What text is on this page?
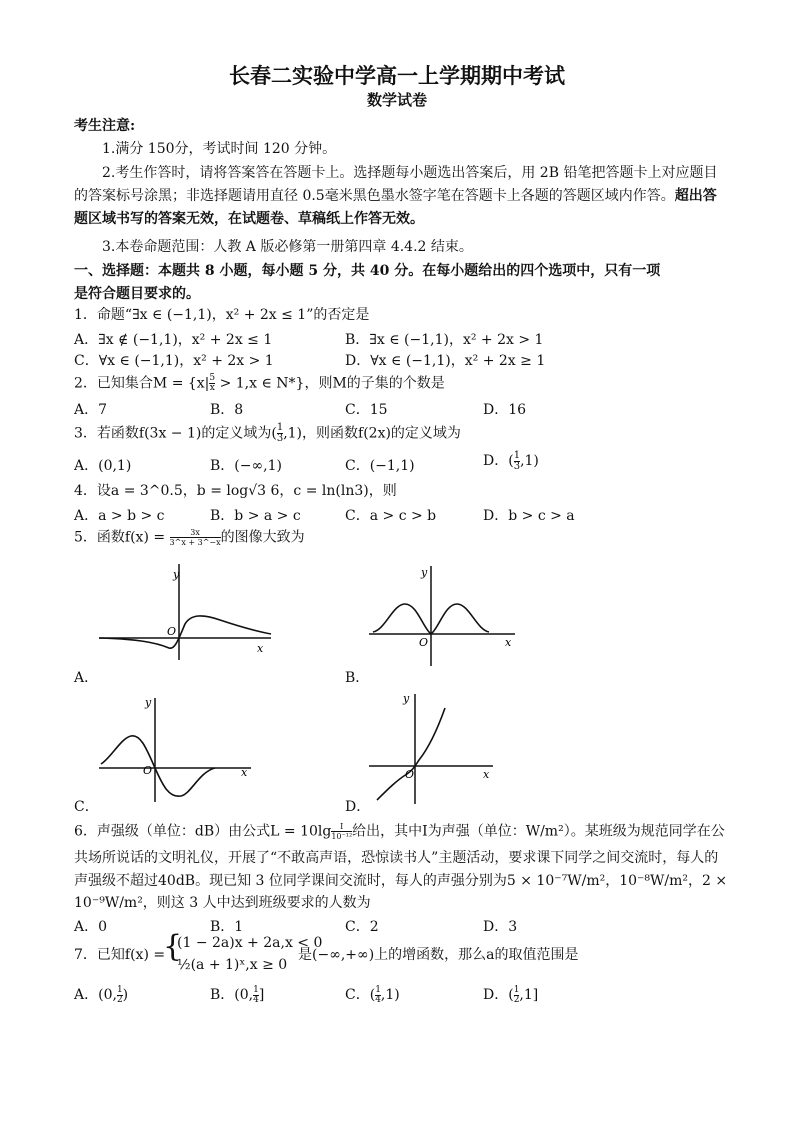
长春二实验中学高一上学期期中考试
数学试卷
考生注意:
1.满分 150分，考试时间 120 分钟。
2.考生作答时，请将答案答在答题卡上。选择题每小题选出答案后，用 2B 铅笔把答题卡上对应题目的答案标号涂黑；非选择题请用直径 0.5毫米黑色墨水签字笔在答题卡上各题的答题区域内作答。超出答题区域书写的答案无效，在试题卷、草稿纸上作答无效。
3.本卷命题范围：人教 A 版必修第一册第四章 4.4.2 结束。
一、选择题：本题共 8 小题，每小题 5 分，共 40 分。在每小题给出的四个选项中，只有一项
是符合题目要求的。
1．命题“∃x ∈ (−1,1)，x² + 2x ≤ 1”的否定是
A．∃x ∉ (−1,1)，x² + 2x ≤ 1	B．∃x ∈ (−1,1)，x² + 2x > 1
C．∀x ∈ (−1,1)，x² + 2x > 1	D．∀x ∈ (−1,1)，x² + 2x ≥ 1
2．已知集合$M = \{x| \frac{5}{x} > 1,x$ ∈ N*}，则M的子集的个数是
A．7	B．8	C．15	D．16
3．若函数f(3x − 1)的定义域为( $\frac{1}{3} ,1$)，则函数f(2x)的定义域为
A．(0,1)	B．(−∞,1)	C．(−1,1)	D．( $\frac{1}{3} ,1$)
4．设a = 3^0.5，b = log√3 6，c = ln(ln3)，则
A．a > b > c	B．b > a > c	C．a > c > b	D．b > c > a
5．函数$f(x) = \frac{3x}{3\^{}x + 3\^{}-x}$ 的图像大致为
y
O
x
A．
y
O	x
B．
y
O	x
C．
y
O	x
D．
6．声强级（单位：dB）由公式$L = 10\lg \frac{I}{\text{10⁻¹²}}$ 给出，其中I为声强（单位：W/m²）。某班级为规范同学在公
共场所说话的文明礼仪，开展了“不敢高声语，恐惊读书人”主题活动，要求课下同学之间交流时，每人的
声强级不超过40dB。现已知 3 位同学课间交流时，每人的声强分别为5 × 10⁻⁷W/m²，10⁻⁸W/m²，2 ×
10⁻⁹W/m²，则这 3 人中达到班级要求的人数为
A．0	B．1	C．2	D．3
7．已知f(x) =
{
(1 − 2a)x + 2a,x < 0
½(a + 1)ˣ,x ≥ 0
是(−∞,+∞)上的增函数，那么a的取值范围是
A．(0, $\frac{1}{2}$ )	B．(0, $\frac{1}{4}$ ]	C．( $\frac{1}{4} ,1$)	D．( $\frac{1}{2} ,1$]
